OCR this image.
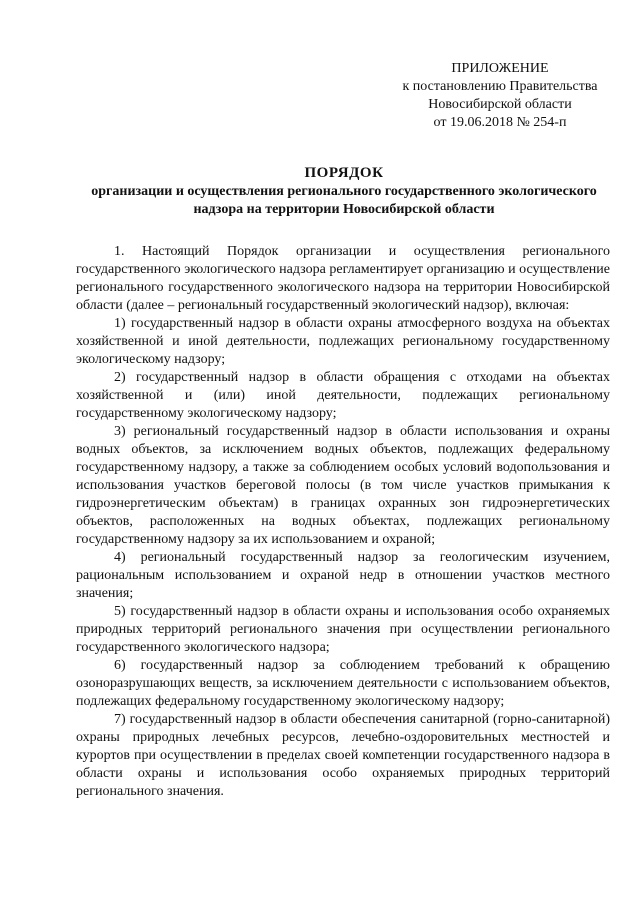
ПРИЛОЖЕНИЕ
к постановлению Правительства
Новосибирской области
от 19.06.2018 № 254-п
ПОРЯДОК
организации и осуществления регионального государственного экологического надзора на территории Новосибирской области

1. Настоящий Порядок организации и осуществления регионального государственного экологического надзора регламентирует организацию и осуществление регионального государственного экологического надзора на территории Новосибирской области (далее – региональный государственный экологический надзор), включая:

1) государственный надзор в области охраны атмосферного воздуха на объектах хозяйственной и иной деятельности, подлежащих региональному государственному экологическому надзору;

2) государственный надзор в области обращения с отходами на объектах хозяйственной и (или) иной деятельности, подлежащих региональному государственному экологическому надзору;

3) региональный государственный надзор в области использования и охраны водных объектов, за исключением водных объектов, подлежащих федеральному государственному надзору, а также за соблюдением особых условий водопользования и использования участков береговой полосы (в том числе участков примыкания к гидроэнергетическим объектам) в границах охранных зон гидроэнергетических объектов, расположенных на водных объектах, подлежащих региональному государственному надзору за их использованием и охраной;

4) региональный государственный надзор за геологическим изучением, рациональным использованием и охраной недр в отношении участков местного значения;

5) государственный надзор в области охраны и использования особо охраняемых природных территорий регионального значения при осуществлении регионального государственного экологического надзора;

6) государственный надзор за соблюдением требований к обращению озоноразрушающих веществ, за исключением деятельности с использованием объектов, подлежащих федеральному государственному экологическому надзору;

7) государственный надзор в области обеспечения санитарной (горно-санитарной) охраны природных лечебных ресурсов, лечебно-оздоровительных местностей и курортов при осуществлении в пределах своей компетенции государственного надзора в области охраны и использования особо охраняемых природных территорий регионального значения.
